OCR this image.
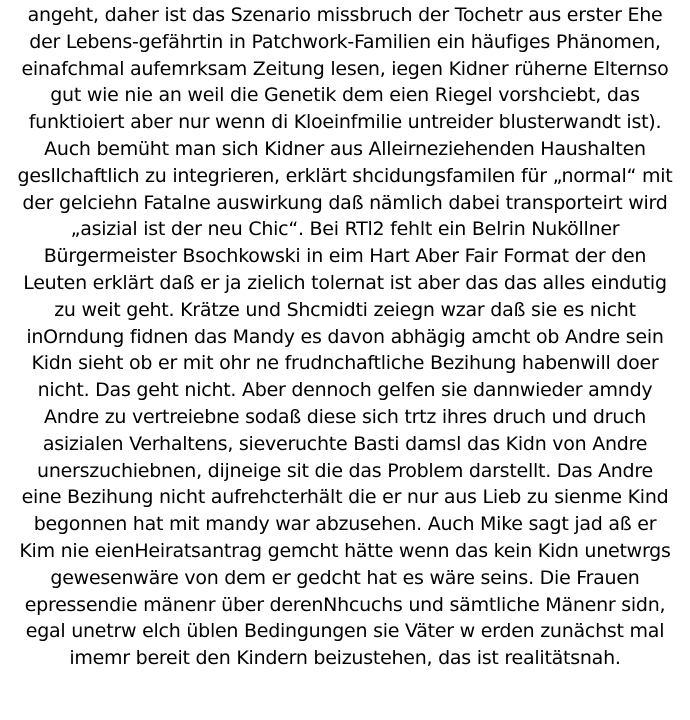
angeht, daher ist das Szenario missbruch der Tochetr aus erster Ehe
der Lebens-gefährtin in Patchwork-Familien ein häufiges Phänomen,
einafchmal aufemrksam Zeitung lesen, iegen Kidner rüherne Elternso
gut wie nie an weil die Genetik dem eien Riegel vorshciebt, das
funktioiert aber nur wenn di Kloeinfmilie untreider blusterwandt ist).
Auch bemüht man sich Kidner aus Alleirneziehenden Haushalten
gesllchaftlich zu integrieren, erklärt shcidungsfamilen für „normal“ mit
der gelciehn Fatalne auswirkung daß nämlich dabei transporteirt wird
„asizial ist der neu Chic“. Bei RTl2 fehlt ein Belrin Nuköllner
Bürgermeister Bsochkowski in eim Hart Aber Fair Format der den
Leuten erklärt daß er ja zielich tolernat ist aber das das alles eindutig
zu weit geht. Krätze und Shcmidti zeiegn wzar daß sie es nicht
inOrndung fidnen das Mandy es davon abhägig amcht ob Andre sein
Kidn sieht ob er mit ohr ne frudnchaftliche Bezihung habenwill doer
nicht. Das geht nicht. Aber dennoch gelfen sie dannwieder amndy
Andre zu vertreiebne sodaß diese sich trtz ihres druch und druch
asizialen Verhaltens, sieveruchte Basti damsl das Kidn von Andre
unerszuchiebnen, dijneige sit die das Problem darstellt. Das Andre
eine Bezihung nicht aufrehcterhält die er nur aus Lieb zu sienme Kind
begonnen hat mit mandy war abzusehen. Auch Mike sagt jad aß er
Kim nie eienHeiratsantrag gemcht hätte wenn das kein Kidn unetwrgs
gewesenwäre von dem er gedcht hat es wäre seins. Die Frauen
epressendie mänenr über derenNhcuchs und sämtliche Mänenr sidn,
egal unetrw elch üblen Bedingungen sie Väter w erden zunächst mal
imemr bereit den Kindern beizustehen, das ist realitätsnah.
